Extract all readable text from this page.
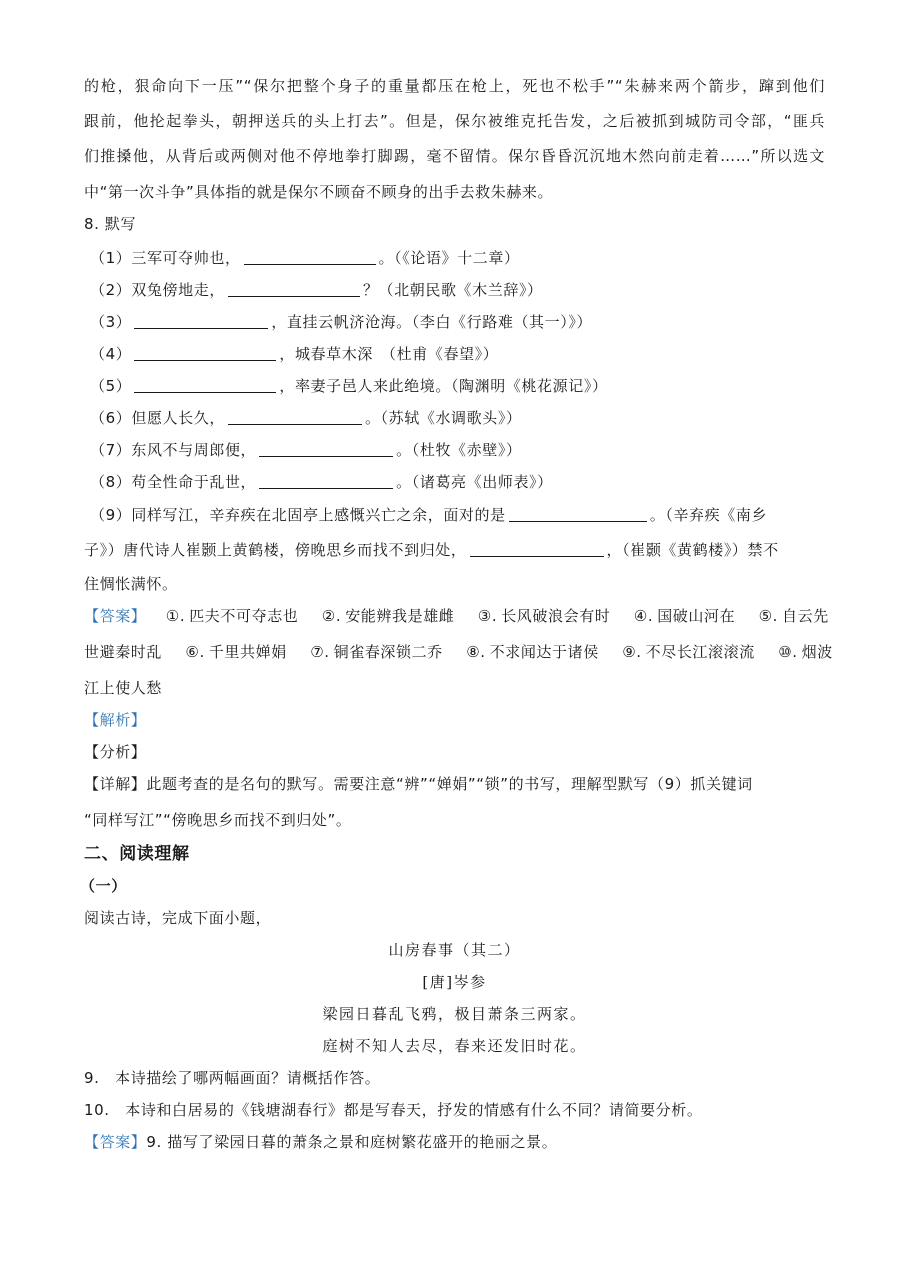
的枪，狠命向下一压”“保尔把整个身子的重量都压在枪上，死也不松手”“朱赫来两个箭步，蹿到他们
跟前，他抡起拳头，朝押送兵的头上打去”。但是，保尔被维克托告发，之后被抓到城防司令部，“匪兵
们推搡他，从背后或两侧对他不停地拳打脚踢，毫不留情。保尔昏昏沉沉地木然向前走着……”所以选文
中“第一次斗争”具体指的就是保尔不顾奋不顾身的出手去救朱赫来。
8. 默写
（1）三军可夺帅也，	。（《论语》十二章）
（2）双兔傍地走，	？（北朝民歌《木兰辞》）
（3）	，直挂云帆济沧海。（李白《行路难（其一）》）
（4）	，城春草木深　（杜甫《春望》）
（5）	，率妻子邑人来此绝境。（陶渊明《桃花源记》）
（6）但愿人长久，	。（苏轼《水调歌头》）
（7）东风不与周郎便，	。（杜牧《赤壁》）
（8）苟全性命于乱世，	。（诸葛亮《出师表》）
（9）同样写江，辛弃疾在北固亭上感慨兴亡之余，面对的是	。（辛弃疾《南乡
子》）唐代诗人崔颢上黄鹤楼，傍晚思乡而找不到归处，	，（崔颢《黄鹤楼》）禁不
住惆怅满怀。
【答案】 ①. 匹夫不可夺志也 ②. 安能辨我是雄雌 ③. 长风破浪会有时 ④. 国破山河在 ⑤. 自云先
世避秦时乱 ⑥. 千里共婵娟 ⑦. 铜雀春深锁二乔 ⑧. 不求闻达于诸侯 ⑨. 不尽长江滚滚流 ⑩. 烟波
江上使人愁
【解析】
【分析】
【详解】此题考查的是名句的默写。需要注意“辨”“婵娟”“锁”的书写，理解型默写（9）抓关键词
“同样写江”“傍晚思乡而找不到归处”。
二、阅读理解
（一）
阅读古诗，完成下面小题，
山房春事（其二）
[唐]岑参
梁园日暮乱飞鸦，极目萧条三两家。
庭树不知人去尽，春来还发旧时花。
9.　本诗描绘了哪两幅画面？请概括作答。
10.　本诗和白居易的《钱塘湖春行》都是写春天，抒发的情感有什么不同？请简要分析。
【答案】9. 描写了梁园日暮的萧条之景和庭树繁花盛开的艳丽之景。
